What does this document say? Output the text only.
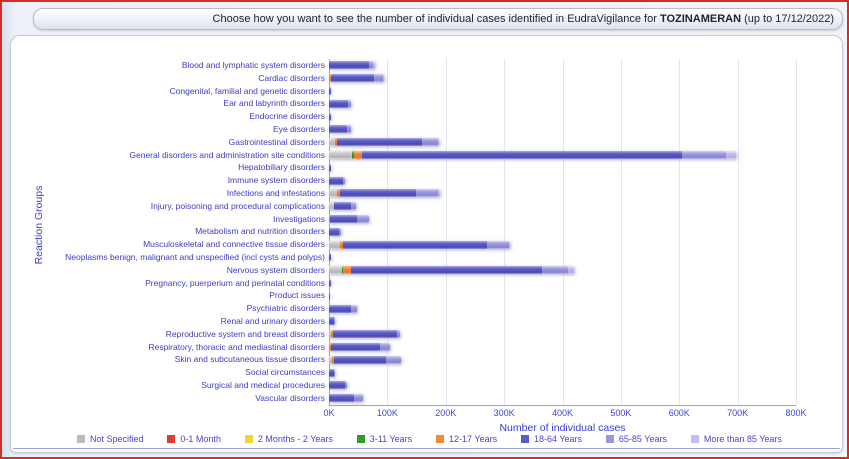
Choose how you want to see the number of individual cases identified in EudraVigilance for TOZINAMERAN (up to 17/12/2022)
Reaction Groups
Blood and lymphatic system disorders
Cardiac disorders
Congenital, familial and genetic disorders
Ear and labyrinth disorders
Endocrine disorders
Eye disorders
Gastrointestinal disorders
General disorders and administration site conditions
Hepatobiliary disorders
Immune system disorders
Infections and infestations
Injury, poisoning and procedural complications
Investigations
Metabolism and nutrition disorders
Musculoskeletal and connective tissue disorders
Neoplasms benign, malignant and unspecified (incl cysts and polyps)
Nervous system disorders
Pregnancy, puerperium and perinatal conditions
Product issues
Psychiatric disorders
Renal and urinary disorders
Reproductive system and breast disorders
Respiratory, thoracic and mediastinal disorders
Skin and subcutaneous tissue disorders
Social circumstances
Surgical and medical procedures
Vascular disorders
0K	100K	200K	300K	400K	500K	600K	700K	800K
Number of individual cases
Not Specified	0-1 Month	2 Months - 2 Years	3-11 Years	12-17 Years	18-64 Years	65-85 Years	More than 85 Years
